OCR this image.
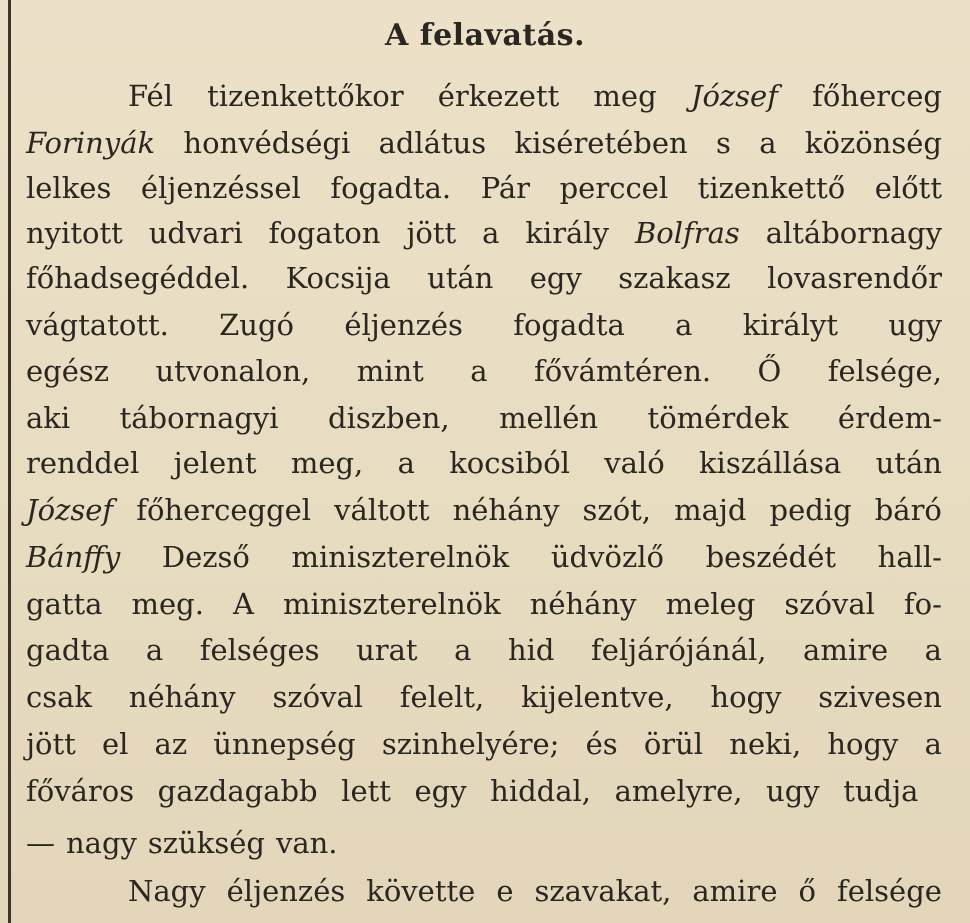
A felavatás.
Fél tizenkettőkor érkezett meg József főherceg
Forinyák honvédségi adlátus kiséretében s a közönség
lelkes éljenzéssel fogadta. Pár perccel tizenkettő előtt
nyitott udvari fogaton jött a király Bolfras altábornagy
főhadsegéddel. Kocsija után egy szakasz lovasrendőr
vágtatott. Zugó éljenzés fogadta a királyt ugy
egész utvonalon, mint a fővámtéren. Ő felsége,
aki tábornagyi diszben, mellén tömérdek érdem-
renddel jelent meg, a kocsiból való kiszállása után
József főherceggel váltott néhány szót, majd pedig báró
Bánffy Dezső miniszterelnök üdvözlő beszédét hall-
gatta meg. A miniszterelnök néhány meleg szóval fo-
gadta a felséges urat a hid feljárójánál, amire a
csak néhány szóval felelt, kijelentve, hogy szivesen
jött el az ünnepség szinhelyére; és örül neki, hogy a
főváros gazdagabb lett egy hiddal, amelyre, ugy tudja
— nagy szükség van.
Nagy éljenzés követte e szavakat, amire ő felsége
